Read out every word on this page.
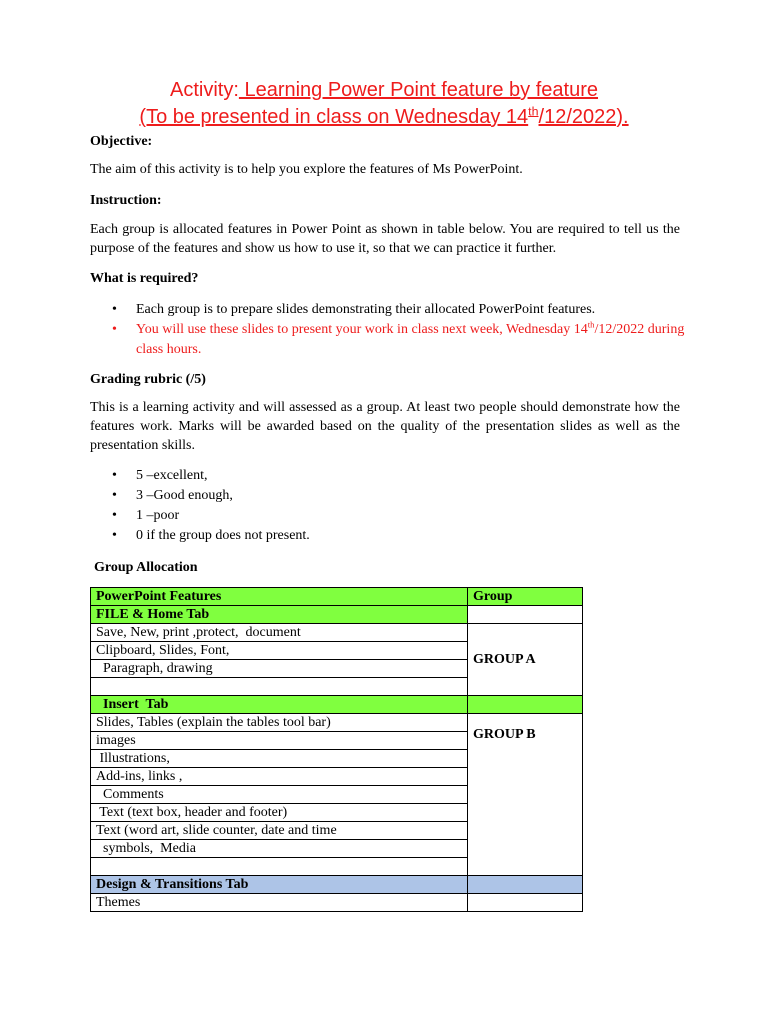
Activity: Learning Power Point feature by feature
(To be presented in class on Wednesday 14th/12/2022).
Objective:
The aim of this activity is to help you explore the features of Ms PowerPoint.
Instruction:
Each group is allocated features in Power Point as shown in table below. You are required to tell us the purpose of the features and show us how to use it, so that we can practice it further.
What is required?
• Each group is to prepare slides demonstrating their allocated PowerPoint features.
• You will use these slides to present your work in class next week, Wednesday 14th/12/2022 during class hours.
Grading rubric (/5)
This is a learning activity and will assessed as a group. At least two people should demonstrate how the features work. Marks will be awarded based on the quality of the presentation slides as well as the presentation skills.
• 5 –excellent,
• 3 –Good enough,
• 1 –poor
• 0 if the group does not present.
Group Allocation
PowerPoint Features	Group
FILE & Home Tab	
Save, New, print ,protect,  document	GROUP A
Clipboard, Slides, Font,	
Paragraph, drawing	

Insert  Tab	
Slides, Tables (explain the tables tool bar)	GROUP B
images	
Illustrations,	
Add-ins, links ,	
Comments	
Text (text box, header and footer)	
Text (word art, slide counter, date and time	
symbols,  Media	

Design & Transitions Tab	
Themes	
